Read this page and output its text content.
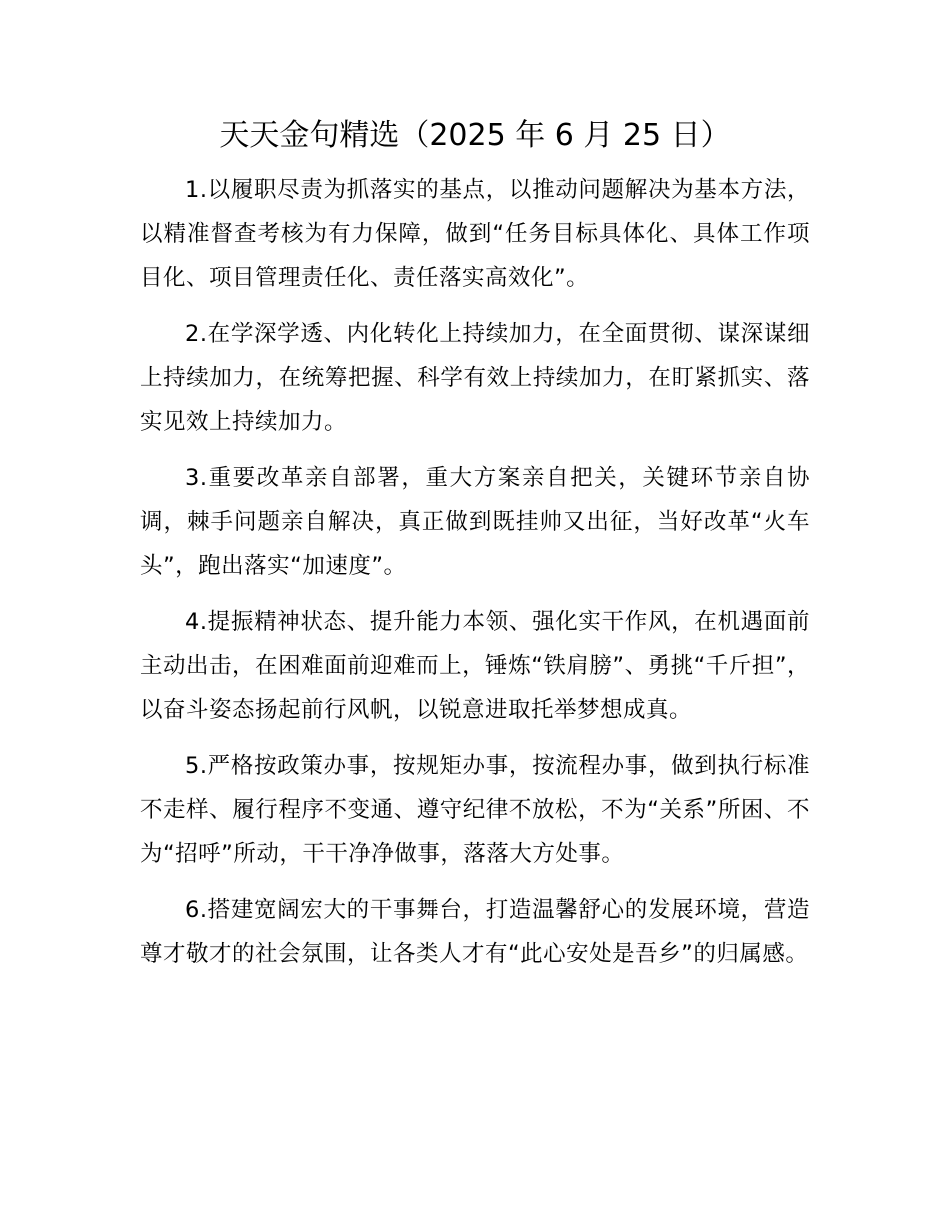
天天金句精选（2025 年 6 月 25 日）

1.以履职尽责为抓落实的基点，以推动问题解决为基本方法，以精准督查考核为有力保障，做到“任务目标具体化、具体工作项目化、项目管理责任化、责任落实高效化”。

2.在学深学透、内化转化上持续加力，在全面贯彻、谋深谋细上持续加力，在统筹把握、科学有效上持续加力，在盯紧抓实、落实见效上持续加力。

3.重要改革亲自部署，重大方案亲自把关，关键环节亲自协调，棘手问题亲自解决，真正做到既挂帅又出征，当好改革“火车头”，跑出落实“加速度”。

4.提振精神状态、提升能力本领、强化实干作风，在机遇面前主动出击，在困难面前迎难而上，锤炼“铁肩膀”、勇挑“千斤担”，以奋斗姿态扬起前行风帆，以锐意进取托举梦想成真。

5.严格按政策办事，按规矩办事，按流程办事，做到执行标准不走样、履行程序不变通、遵守纪律不放松，不为“关系”所困、不为“招呼”所动，干干净净做事，落落大方处事。

6.搭建宽阔宏大的干事舞台，打造温馨舒心的发展环境，营造尊才敬才的社会氛围，让各类人才有“此心安处是吾乡”的归属感。
